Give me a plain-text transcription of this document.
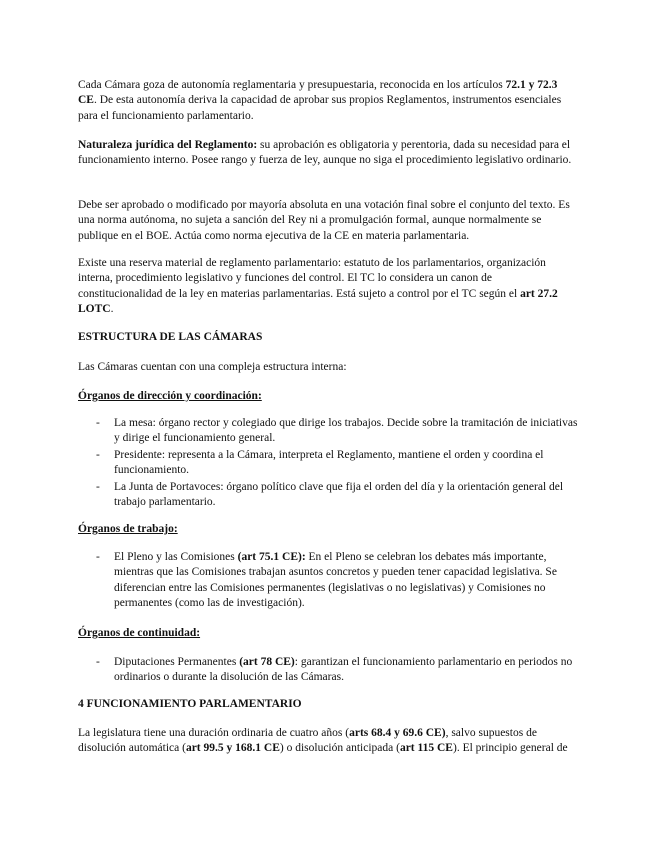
Cada Cámara goza de autonomía reglamentaria y presupuestaria, reconocida en los artículos 72.1 y 72.3 CE. De esta autonomía deriva la capacidad de aprobar sus propios Reglamentos, instrumentos esenciales para el funcionamiento parlamentario.

Naturaleza jurídica del Reglamento: su aprobación es obligatoria y perentoria, dada su necesidad para el funcionamiento interno. Posee rango y fuerza de ley, aunque no siga el procedimiento legislativo ordinario.

Debe ser aprobado o modificado por mayoría absoluta en una votación final sobre el conjunto del texto. Es una norma autónoma, no sujeta a sanción del Rey ni a promulgación formal, aunque normalmente se publique en el BOE. Actúa como norma ejecutiva de la CE en materia parlamentaria.

Existe una reserva material de reglamento parlamentario: estatuto de los parlamentarios, organización interna, procedimiento legislativo y funciones del control. El TC lo considera un canon de constitucionalidad de la ley en materias parlamentarias. Está sujeto a control por el TC según el art 27.2 LOTC.

ESTRUCTURA DE LAS CÁMARAS

Las Cámaras cuentan con una compleja estructura interna:

Órganos de dirección y coordinación:

- La mesa: órgano rector y colegiado que dirige los trabajos. Decide sobre la tramitación de iniciativas y dirige el funcionamiento general.
- Presidente: representa a la Cámara, interpreta el Reglamento, mantiene el orden y coordina el funcionamiento.
- La Junta de Portavoces: órgano político clave que fija el orden del día y la orientación general del trabajo parlamentario.

Órganos de trabajo:

- El Pleno y las Comisiones (art 75.1 CE): En el Pleno se celebran los debates más importante, mientras que las Comisiones trabajan asuntos concretos y pueden tener capacidad legislativa. Se diferencian entre las Comisiones permanentes (legislativas o no legislativas) y Comisiones no permanentes (como las de investigación).

Órganos de continuidad:

- Diputaciones Permanentes (art 78 CE): garantizan el funcionamiento parlamentario en periodos no ordinarios o durante la disolución de las Cámaras.

4 FUNCIONAMIENTO PARLAMENTARIO

La legislatura tiene una duración ordinaria de cuatro años (arts 68.4 y 69.6 CE), salvo supuestos de disolución automática (art 99.5 y 168.1 CE) o disolución anticipada (art 115 CE). El principio general de
